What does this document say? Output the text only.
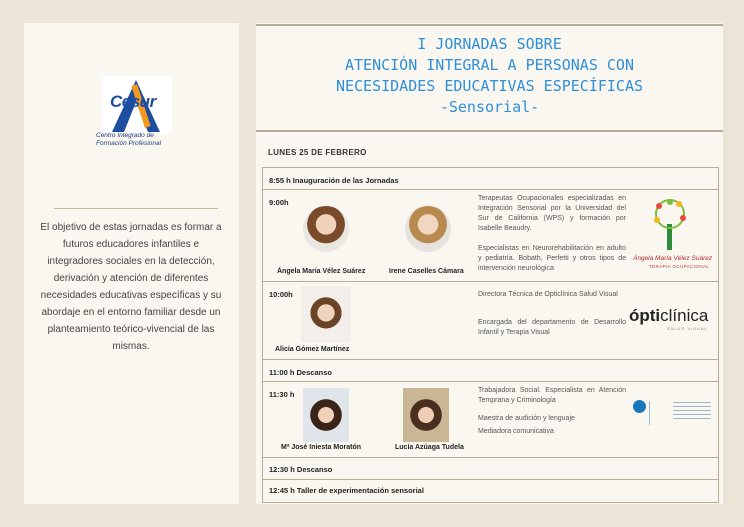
Cesur
Centro Integrado de
Formación Profesional
El objetivo de estas jornadas es formar a futuros educadores infantiles e integradores sociales en la detección, derivación y atención de diferentes necesidades educativas específicas y su abordaje en el entorno familiar desde un planteamiento teórico-vivencial de las mismas.
I JORNADAS SOBRE
ATENCIÓN INTEGRAL A PERSONAS CON
NECESIDADES EDUCATIVAS ESPECÍFICAS
-Sensorial-
LUNES 25 DE FEBRERO
8:55 h Inauguración de las Jornadas
9:00h
Ángela María Vélez Suárez	Irene Caselles Cámara
Terapeutas Ocupacionales especializadas en Integración Sensorial por la Universidad del Sur de California (WPS) y formación por Isabelle Beaudry.
Especialistas en Neurorehabilitación en adulto y pediatría. Bobath, Perfetti y otros tipos de intervención neurológica
Ángela María Vélez Suárez
TERAPIA OCUPACIONAL
10:00h
Alicia Gómez Martínez
Directora Técnica de Opticlínica Salud Visual
Encargada del departamento de Desarrollo Infantil y Terapia Visual
ópticlínica
SALUD VISUAL
11:00 h Descanso
11:30 h
Mª José Iniesta Moratón	Lucía Azúaga Tudela
Trabajadora Social. Especialista en Atención Temprana y Criminología
Maestra de audición y lenguaje
Mediadora comunicativa
12:30 h Descanso
12:45 h Taller de experimentación sensorial
